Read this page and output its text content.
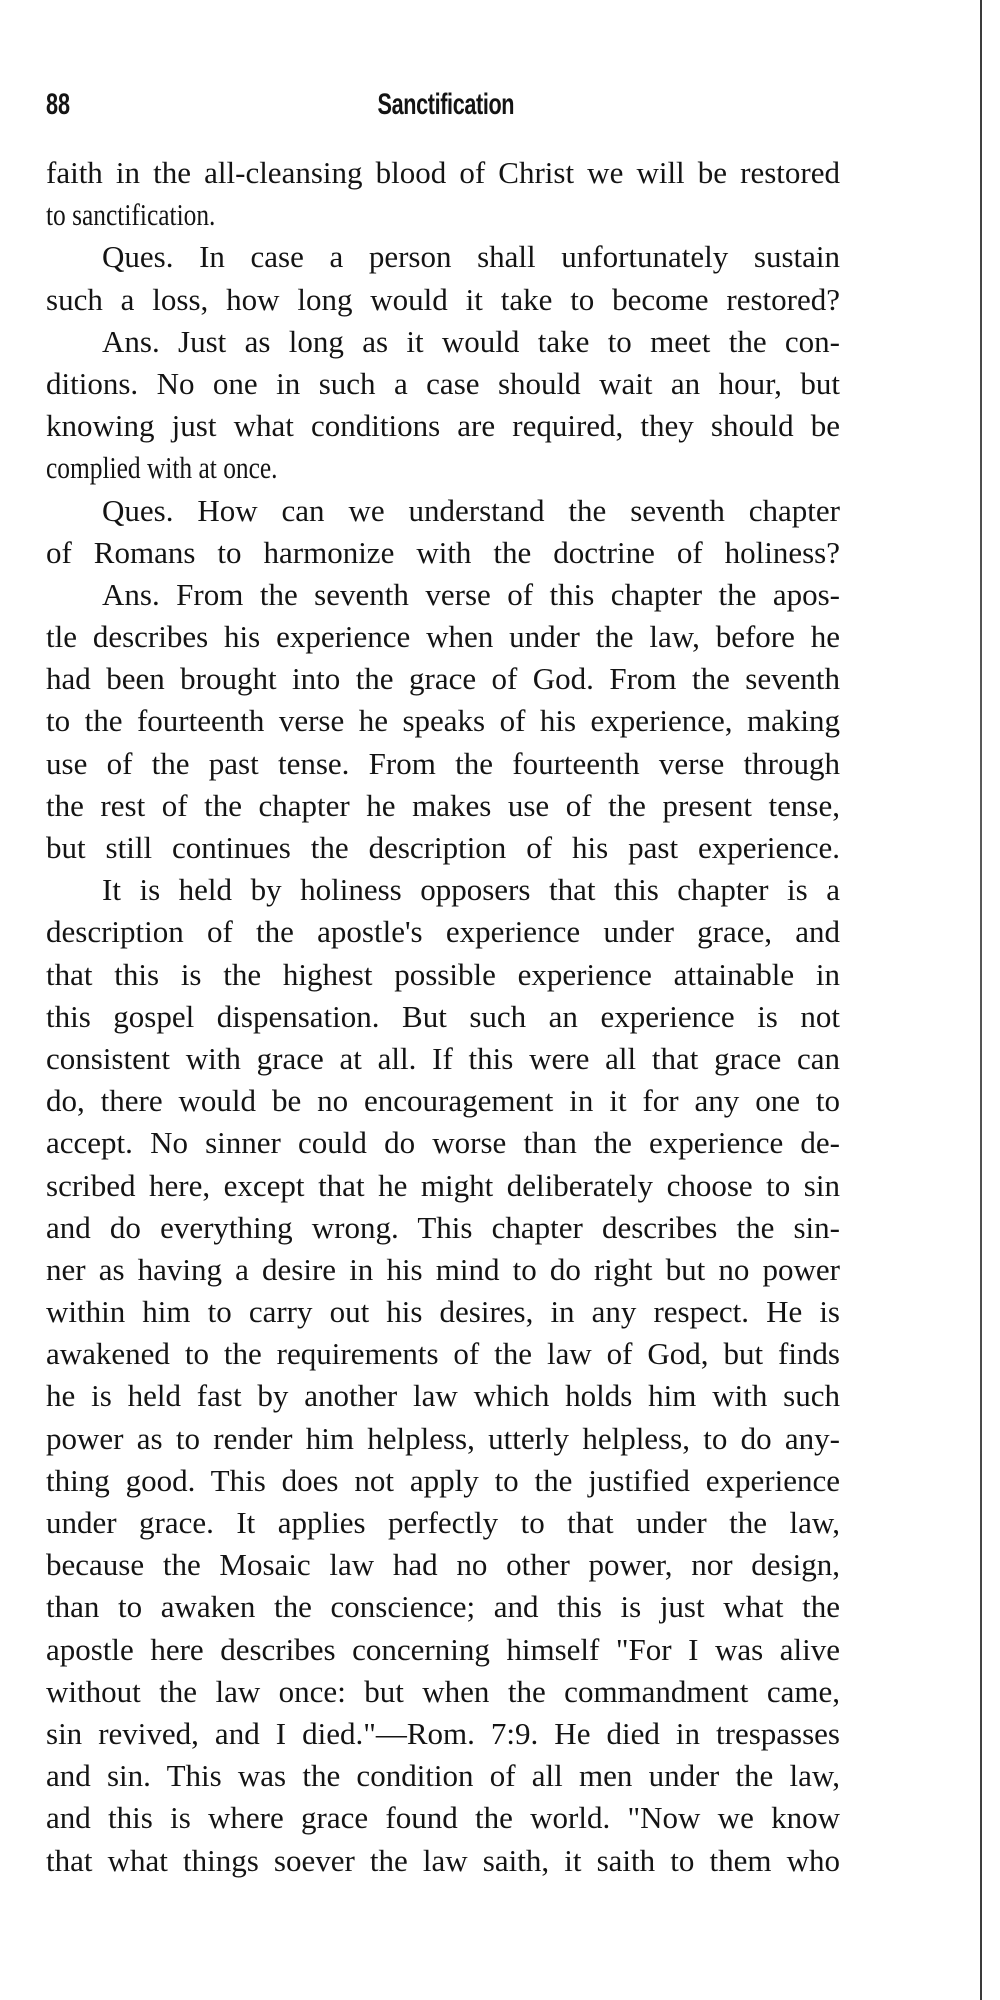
88	Sanctification
faith in the all-cleansing blood of Christ we will be restored
to sanctification.
Ques. In case a person shall unfortunately sustain
such a loss, how long would it take to become restored?
Ans. Just as long as it would take to meet the con-
ditions. No one in such a case should wait an hour, but
knowing just what conditions are required, they should be
complied with at once.
Ques. How can we understand the seventh chapter
of Romans to harmonize with the doctrine of holiness?
Ans. From the seventh verse of this chapter the apos-
tle describes his experience when under the law, before he
had been brought into the grace of God. From the seventh
to the fourteenth verse he speaks of his experience, making
use of the past tense. From the fourteenth verse through
the rest of the chapter he makes use of the present tense,
but still continues the description of his past experience.
It is held by holiness opposers that this chapter is a
description of the apostle's experience under grace, and
that this is the highest possible experience attainable in
this gospel dispensation. But such an experience is not
consistent with grace at all. If this were all that grace can
do, there would be no encouragement in it for any one to
accept. No sinner could do worse than the experience de-
scribed here, except that he might deliberately choose to sin
and do everything wrong. This chapter describes the sin-
ner as having a desire in his mind to do right but no power
within him to carry out his desires, in any respect. He is
awakened to the requirements of the law of God, but finds
he is held fast by another law which holds him with such
power as to render him helpless, utterly helpless, to do any-
thing good. This does not apply to the justified experience
under grace. It applies perfectly to that under the law,
because the Mosaic law had no other power, nor design,
than to awaken the conscience; and this is just what the
apostle here describes concerning himself "For I was alive
without the law once: but when the commandment came,
sin revived, and I died."—Rom. 7:9. He died in trespasses
and sin. This was the condition of all men under the law,
and this is where grace found the world. "Now we know
that what things soever the law saith, it saith to them who
